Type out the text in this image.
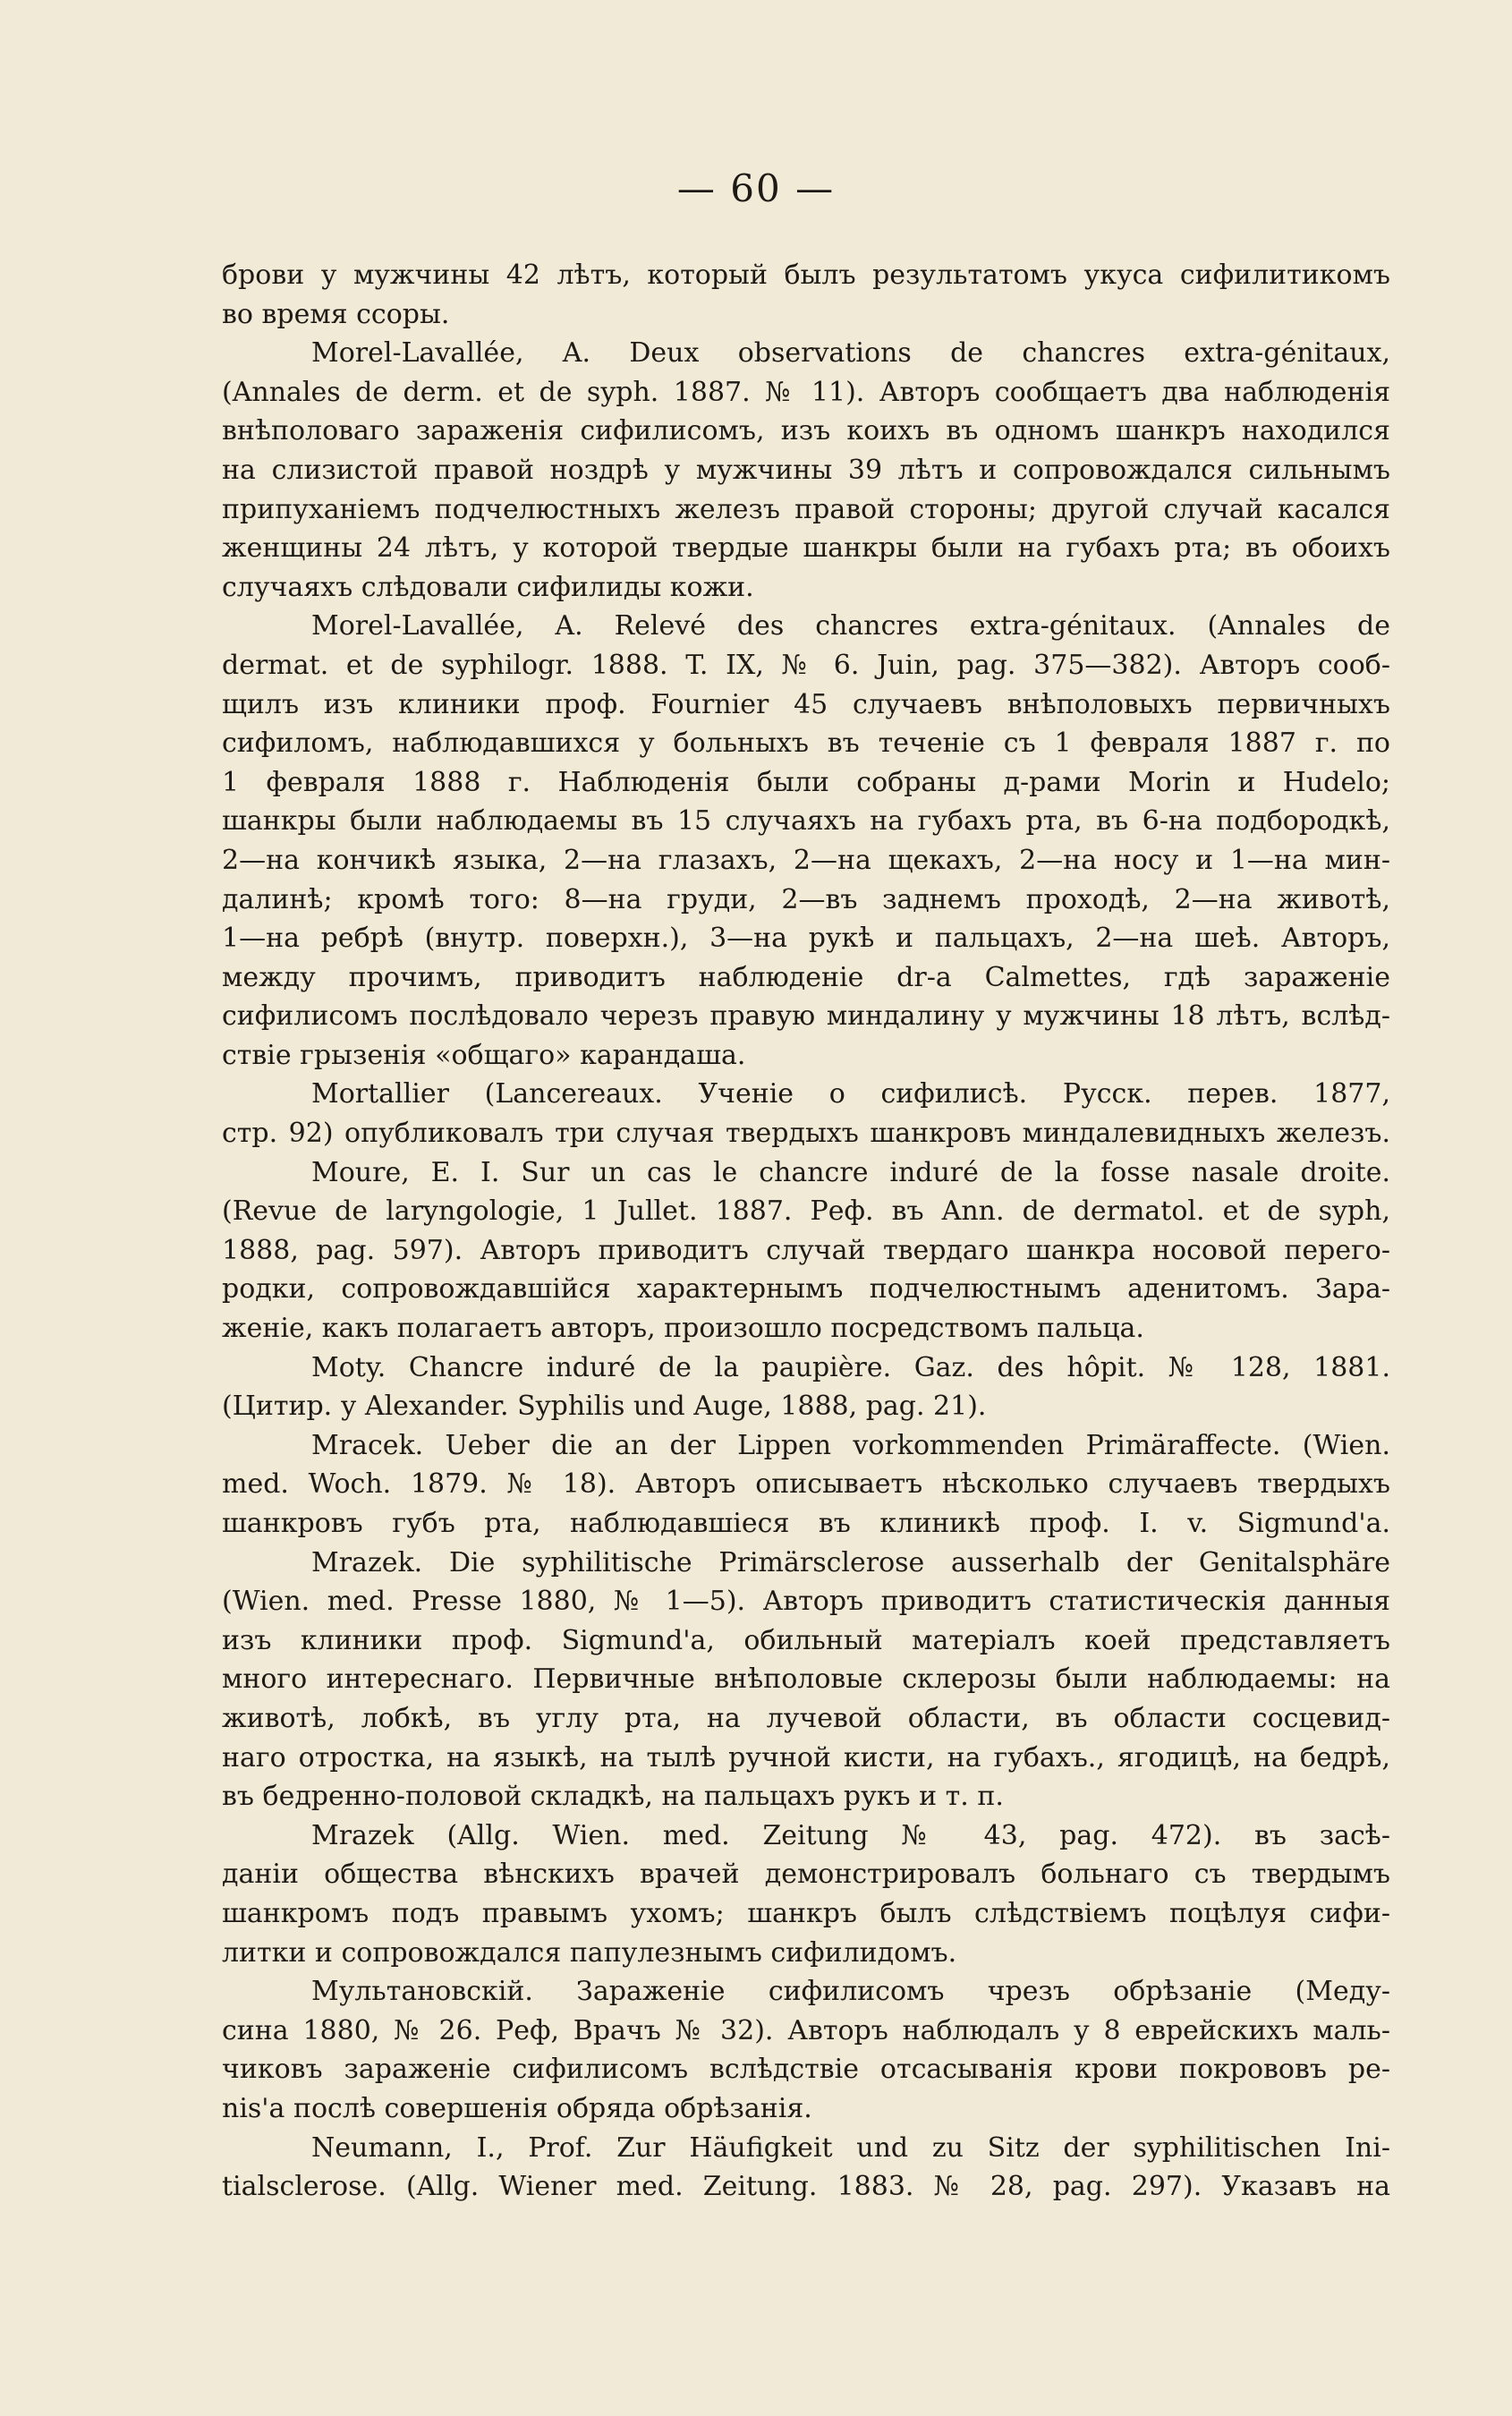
— 60 —
брови у мужчины 42 лѣтъ, который былъ результатомъ укуса сифилитикомъ
во время ссоры.
Morel-Lavallée, A. Deux observations de chancres extra-génitaux,
(Annales de derm. et de syph. 1887. № 11). Авторъ сообщаетъ два наблюденія
внѣполоваго зараженія сифилисомъ, изъ коихъ въ одномъ шанкръ находился
на слизистой правой ноздрѣ у мужчины 39 лѣтъ и сопровождался сильнымъ
припуханіемъ подчелюстныхъ железъ правой стороны; другой случай касался
женщины 24 лѣтъ, у которой твердые шанкры были на губахъ рта; въ обоихъ
случаяхъ слѣдовали сифилиды кожи.
Morel-Lavallée, A. Relevé des chancres extra-génitaux. (Annales de
dermat. et de syphilogr. 1888. T. IX, № 6. Juin, pag. 375—382). Авторъ сооб-
щилъ изъ клиники проф. Fournier 45 случаевъ внѣполовыхъ первичныхъ
сифиломъ, наблюдавшихся у больныхъ въ теченіе съ 1 февраля 1887 г. по
1 февраля 1888 г. Наблюденія были собраны д-рами Morin и Hudelo;
шанкры были наблюдаемы въ 15 случаяхъ на губахъ рта, въ 6-на подбородкѣ,
2—на кончикѣ языка, 2—на глазахъ, 2—на щекахъ, 2—на носу и 1—на мин-
далинѣ; кромѣ того: 8—на груди, 2—въ заднемъ проходѣ, 2—на животѣ,
1—на ребрѣ (внутр. поверхн.), 3—на рукѣ и пальцахъ, 2—на шеѣ. Авторъ,
между прочимъ, приводитъ наблюденіе dr-a Calmettes, гдѣ зараженіе
сифилисомъ послѣдовало черезъ правую миндалину у мужчины 18 лѣтъ, вслѣд-
ствіе грызенія «общаго» карандаша.
Mortallier (Lancereaux. Ученіе о сифилисѣ. Русск. перев. 1877,
стр. 92) опубликовалъ три случая твердыхъ шанкровъ миндалевидныхъ железъ.
Moure, E. I. Sur un cas le chancre induré de la fosse nasale droite.
(Revue de laryngologie, 1 Jullet. 1887. Реф. въ Ann. de dermatol. et de syph,
1888, pag. 597). Авторъ приводитъ случай твердаго шанкра носовой перего-
родки, сопровождавшійся характернымъ подчелюстнымъ аденитомъ. Зара-
женіе, какъ полагаетъ авторъ, произошло посредствомъ пальца.
Moty. Chancre induré de la paupière. Gaz. des hôpit. № 128, 1881.
(Цитир. у Alexander. Syphilis und Auge, 1888, pag. 21).
Mracek. Ueber die an der Lippen vorkommenden Primäraffecte. (Wien.
med. Woch. 1879. № 18). Авторъ описываетъ нѣсколько случаевъ твердыхъ
шанкровъ губъ рта, наблюдавшіеся въ клиникѣ проф. I. v. Sigmund'a.
Mrazek. Die syphilitische Primärsclerose ausserhalb der Genitalsphäre
(Wien. med. Presse 1880, № 1—5). Авторъ приводитъ статистическія данныя
изъ клиники проф. Sigmund'a, обильный матеріалъ коей представляетъ
много интереснаго. Первичные внѣполовые склерозы были наблюдаемы: на
животѣ, лобкѣ, въ углу рта, на лучевой области, въ области сосцевид-
наго отростка, на языкѣ, на тылѣ ручной кисти, на губахъ., ягодицѣ, на бедрѣ,
въ бедренно-половой складкѣ, на пальцахъ рукъ и т. п.
Mrazek (Allg. Wien. med. Zeitung № 43, pag. 472). въ засѣ-
даніи общества вѣнскихъ врачей демонстрировалъ больнаго съ твердымъ
шанкромъ подъ правымъ ухомъ; шанкръ былъ слѣдствіемъ поцѣлуя сифи-
литки и сопровождался папулезнымъ сифилидомъ.
Мультановскій. Зараженіе сифилисомъ чрезъ обрѣзаніе (Меду-
сина 1880, № 26. Реф, Врачъ № 32). Авторъ наблюдалъ у 8 еврейскихъ маль-
чиковъ зараженіе сифилисомъ вслѣдствіе отсасыванія крови покрововъ pe-
nis'a послѣ совершенія обряда обрѣзанія.
Neumann, I., Prof. Zur Häufigkeit und zu Sitz der syphilitischen Ini-
tialsclerose. (Allg. Wiener med. Zeitung. 1883. № 28, pag. 297). Указавъ на
